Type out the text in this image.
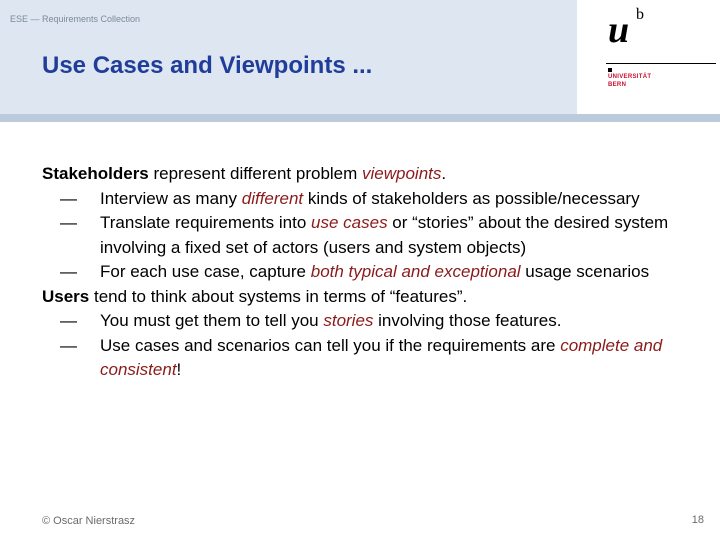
ESE — Requirements Collection
Use Cases and Viewpoints ...
u b
UNIVERSITÄT
BERN

Stakeholders represent different problem viewpoints.

— Interview as many different kinds of stakeholders as possible/necessary

— Translate requirements into use cases or “stories” about the desired system involving a fixed set of actors (users and system objects)

— For each use case, capture both typical and exceptional usage scenarios

Users tend to think about systems in terms of “features”.

— You must get them to tell you stories involving those features.

— Use cases and scenarios can tell you if the requirements are complete and consistent!

© Oscar Nierstrasz	18
